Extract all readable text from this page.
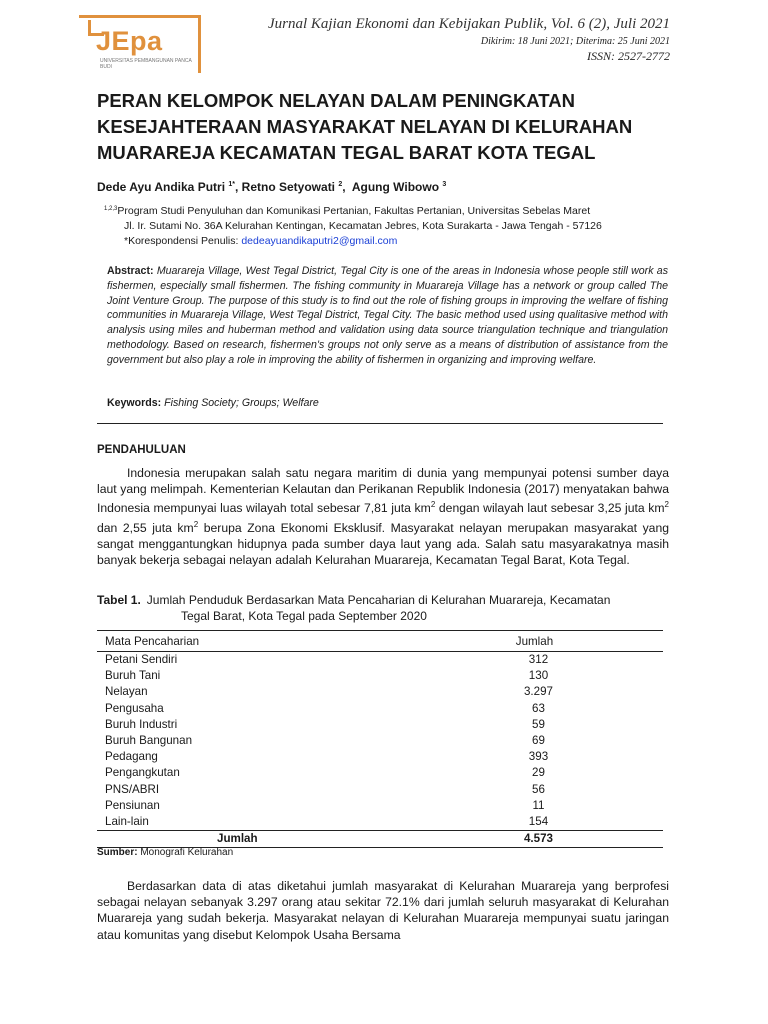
JEpa
UNIVERSITAS PEMBANGUNAN PANCA BUDI
Jurnal Kajian Ekonomi dan Kebijakan Publik, Vol. 6 (2), Juli 2021
Dikirim: 18 Juni 2021; Diterima: 25 Juni 2021
ISSN: 2527-2772
PERAN KELOMPOK NELAYAN DALAM PENINGKATAN KESEJAHTERAAN MASYARAKAT NELAYAN DI KELURAHAN MUARAREJA KECAMATAN TEGAL BARAT KOTA TEGAL
Dede Ayu Andika Putri $^{1*}$, Retno Setyowati $^2$,  Agung Wibowo $^3$
$^{1,2,3}$Program Studi Penyuluhan dan Komunikasi Pertanian, Fakultas Pertanian, Universitas Sebelas Maret
Jl. Ir. Sutami No. 36A Kelurahan Kentingan, Kecamatan Jebres, Kota Surakarta - Jawa Tengah - 57126
*Korespondensi Penulis: dedeayuandikaputri2@gmail.com
Abstract: Muarareja Village, West Tegal District, Tegal City is one of the areas in Indonesia whose people still work as fishermen, especially small fishermen. The fishing community in Muarareja Village has a network or group called The Joint Venture Group. The purpose of this study is to find out the role of fishing groups in improving the welfare of fishing communities in Muarareja Village, West Tegal District, Tegal City. The basic method used using qualitasive method with analysis using miles and huberman method and validation using data source triangulation technique and triangulation methodology. Based on research, fishermen's groups not only serve as a means of distribution of assistance from the government but also play a role in improving the ability of fishermen in organizing and improving welfare.
Keywords: Fishing Society; Groups; Welfare
PENDAHULUAN
Indonesia merupakan salah satu negara maritim di dunia yang mempunyai potensi sumber daya laut yang melimpah. Kementerian Kelautan dan Perikanan Republik Indonesia (2017) menyatakan bahwa Indonesia mempunyai luas wilayah total sebesar 7,81 juta $km^2$ dengan wilayah laut sebesar 3,25 juta $km^2$ dan 2,55 juta $km^2$ berupa Zona Ekonomi Eksklusif. Masyarakat nelayan merupakan masyarakat yang sangat menggantungkan hidupnya pada sumber daya laut yang ada. Salah satu masyarakatnya masih banyak bekerja sebagai nelayan adalah Kelurahan Muarareja, Kecamatan Tegal Barat, Kota Tegal.
Tabel 1. Jumlah Penduduk Berdasarkan Mata Pencaharian di Kelurahan Muarareja, Kecamatan
Tegal Barat, Kota Tegal pada September 2020
Mata Pencaharian	Jumlah
Petani Sendiri	312
Buruh Tani	130
Nelayan	3.297
Pengusaha	63
Buruh Industri	59
Buruh Bangunan	69
Pedagang	393
Pengangkutan	29
PNS/ABRI	56
Pensiunan	11
Lain-lain	154
Jumlah	4.573
Sumber: Monografi Kelurahan
Berdasarkan data di atas diketahui jumlah masyarakat di Kelurahan Muarareja yang berprofesi sebagai nelayan sebanyak 3.297 orang atau sekitar 72.1% dari jumlah seluruh masyarakat di Kelurahan Muarareja yang sudah bekerja. Masyarakat nelayan di Kelurahan Muarareja mempunyai suatu jaringan atau komunitas yang disebut Kelompok Usaha Bersama
